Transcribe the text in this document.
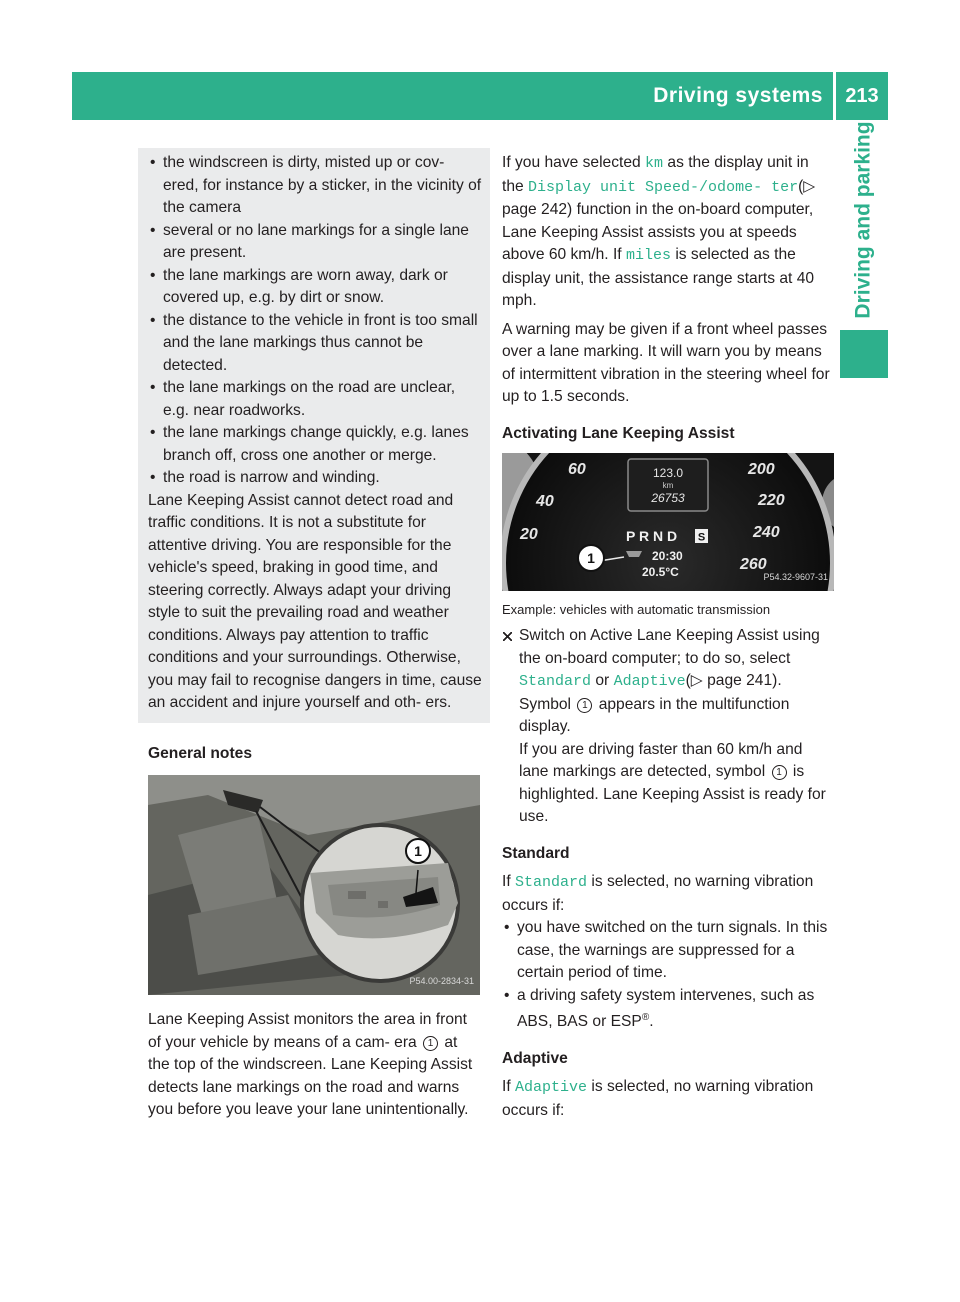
Driving systems	213
Driving and parking
• the windscreen is dirty, misted up or cov- ered, for instance by a sticker, in the vicinity of the camera
• several or no lane markings for a single lane are present.
• the lane markings are worn away, dark or covered up, e.g. by dirt or snow.
• the distance to the vehicle in front is too small and the lane markings thus cannot be detected.
• the lane markings on the road are unclear, e.g. near roadworks.
• the lane markings change quickly, e.g. lanes branch off, cross one another or merge.
• the road is narrow and winding.

Lane Keeping Assist cannot detect road and traffic conditions. It is not a substitute for attentive driving. You are responsible for the vehicle's speed, braking in good time, and steering correctly. Always adapt your driving style to suit the prevailing road and weather conditions. Always pay attention to traffic conditions and your surroundings. Otherwise, you may fail to recognise dangers in time, cause an accident and injure yourself and oth- ers.

General notes
1
P54.00-2834-31

Lane Keeping Assist monitors the area in front of your vehicle by means of a cam- era 1 at the top of the windscreen. Lane Keeping Assist detects lane markings on the road and warns you before you leave your lane unintentionally.

If you have selected km as the display unit in the Display unit Speed-/odome‐ ter(▷ page 242) function in the on-board computer, Lane Keeping Assist assists you at speeds above 60 km/h. If miles is selected as the display unit, the assistance range starts at 40 mph.

A warning may be given if a front wheel passes over a lane marking. It will warn you by means of intermittent vibration in the steering wheel for up to 1.5 seconds.

Activating Lane Keeping Assist
60
40
20
200
220
240
260
123.0
km
26753
P R N D S
20:30
20.5°C
1
P54.32-9607-31
Example: vehicles with automatic transmission
Switch on Active Lane Keeping Assist using the on-board computer; to do so, select Standard or Adaptive(▷ page 241).
Symbol 1 appears in the multifunction display.
If you are driving faster than 60 km/h and lane markings are detected, symbol 1 is highlighted. Lane Keeping Assist is ready for use.
Standard

If Standard is selected, no warning vibration occurs if:

• you have switched on the turn signals. In this case, the warnings are suppressed for a certain period of time.
• a driving safety system intervenes, such as ABS, BAS or ESP®.
Adaptive

If Adaptive is selected, no warning vibration occurs if:
